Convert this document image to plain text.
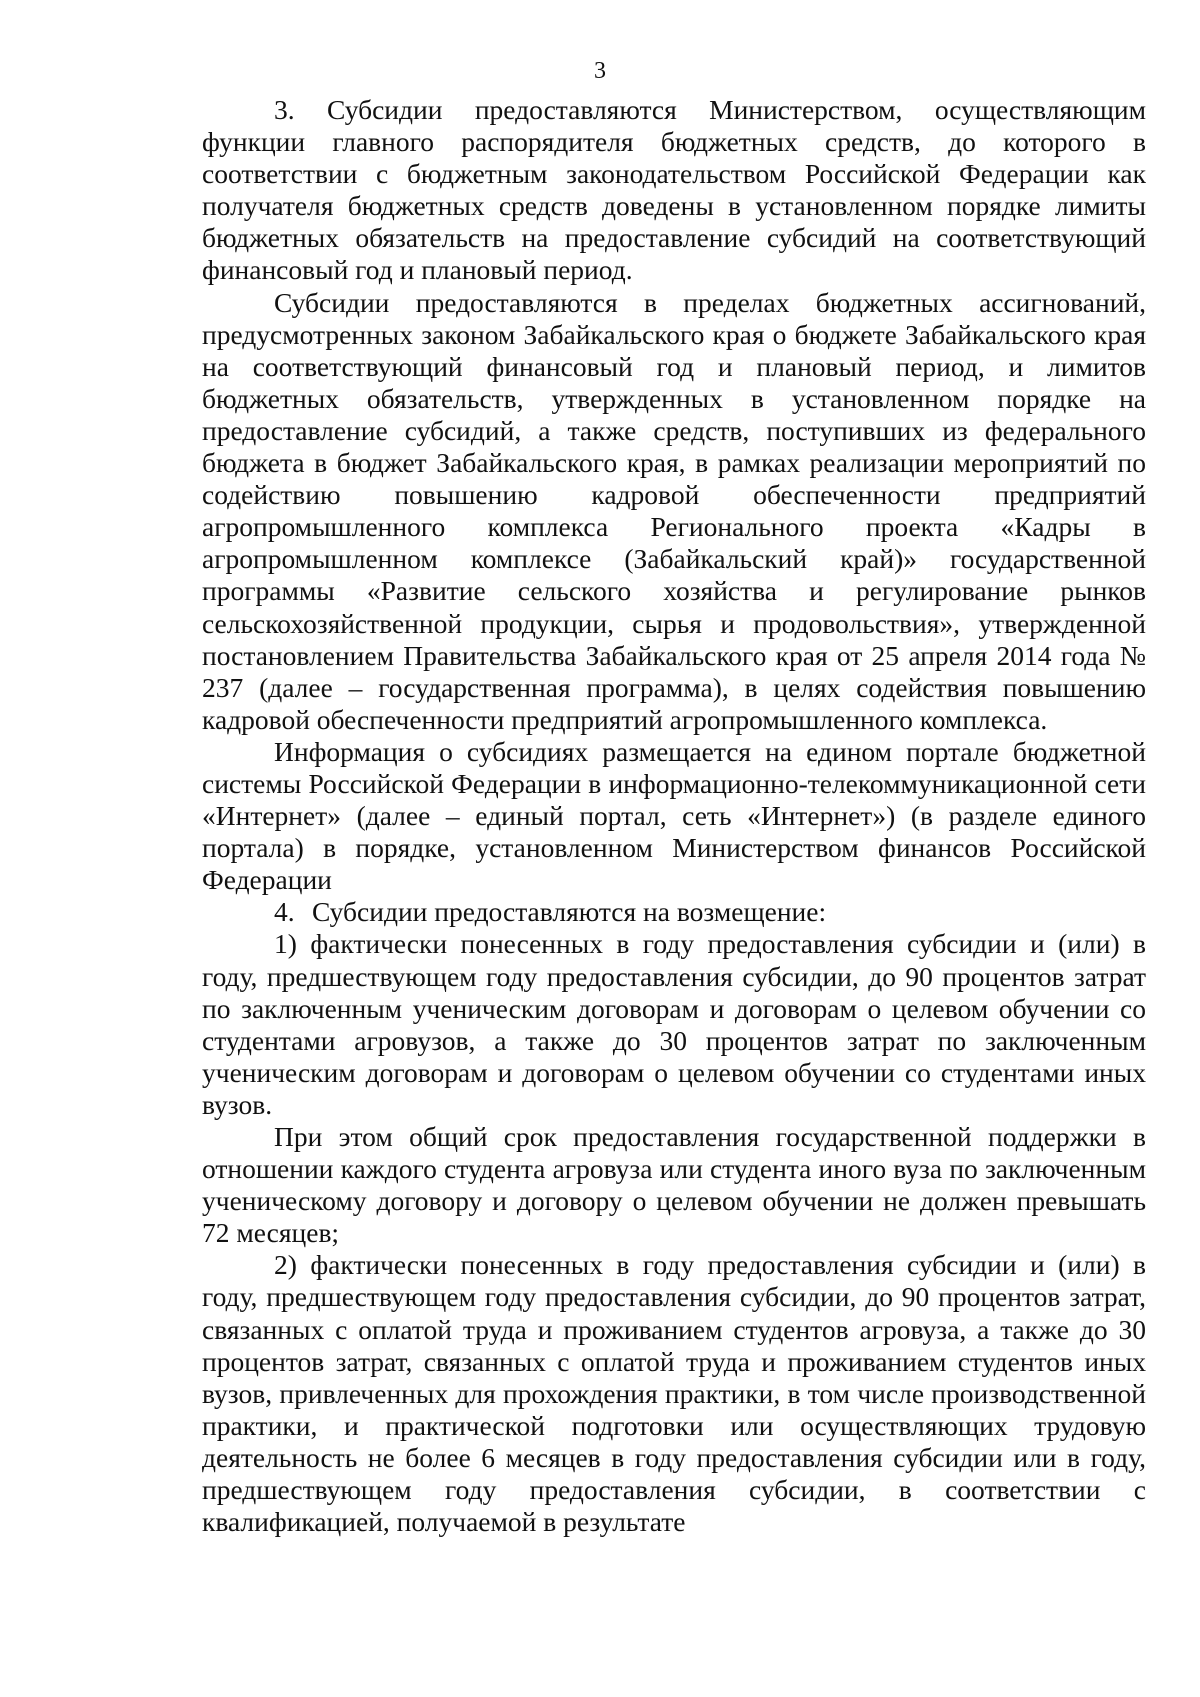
3

3. Субсидии предоставляются Министерством, осуществляющим функции главного распорядителя бюджетных средств, до которого в соответствии с бюджетным законодательством Российской Федерации как получателя бюджетных средств доведены в установленном порядке лимиты бюджетных обязательств на предоставление субсидий на соответствующий финансовый год и плановый период.

Субсидии предоставляются в пределах бюджетных ассигнований, предусмотренных законом Забайкальского края о бюджете Забайкальского края на соответствующий финансовый год и плановый период, и лимитов бюджетных обязательств, утвержденных в установленном порядке на предоставление субсидий, а также средств, поступивших из федерального бюджета в бюджет Забайкальского края, в рамках реализации мероприятий по содействию повышению кадровой обеспеченности предприятий агропромышленного комплекса Регионального проекта «Кадры в агропромышленном комплексе (Забайкальский край)» государственной программы «Развитие сельского хозяйства и регулирование рынков сельскохозяйственной продукции, сырья и продовольствия», утвержденной постановлением Правительства Забайкальского края от 25 апреля 2014 года № 237 (далее – государственная программа), в целях содействия повышению кадровой обеспеченности предприятий агропромышленного комплекса.

Информация о субсидиях размещается на едином портале бюджетной системы Российской Федерации в информационно-телекоммуникационной сети «Интернет» (далее – единый портал, сеть «Интернет») (в разделе единого портала) в порядке, установленном Министерством финансов Российской Федерации

4.	Субсидии предоставляются на возмещение:

1) фактически понесенных в году предоставления субсидии и (или) в году, предшествующем году предоставления субсидии, до 90 процентов затрат по заключенным ученическим договорам и договорам о целевом обучении со студентами агровузов, а также до 30 процентов затрат по заключенным ученическим договорам и договорам о целевом обучении со студентами иных вузов.

При этом общий срок предоставления государственной поддержки в отношении каждого студента агровуза или студента иного вуза по заключенным ученическому договору и договору о целевом обучении не должен превышать 72 месяцев;

2) фактически понесенных в году предоставления субсидии и (или) в году, предшествующем году предоставления субсидии, до 90 процентов затрат, связанных с оплатой труда и проживанием студентов агровуза, а также до 30 процентов затрат, связанных с оплатой труда и проживанием студентов иных вузов, привлеченных для прохождения практики, в том числе производственной практики, и практической подготовки или осуществляющих трудовую деятельность не более 6 месяцев в году предоставления субсидии или в году, предшествующем году предоставления субсидии, в соответствии с квалификацией, получаемой в результате
